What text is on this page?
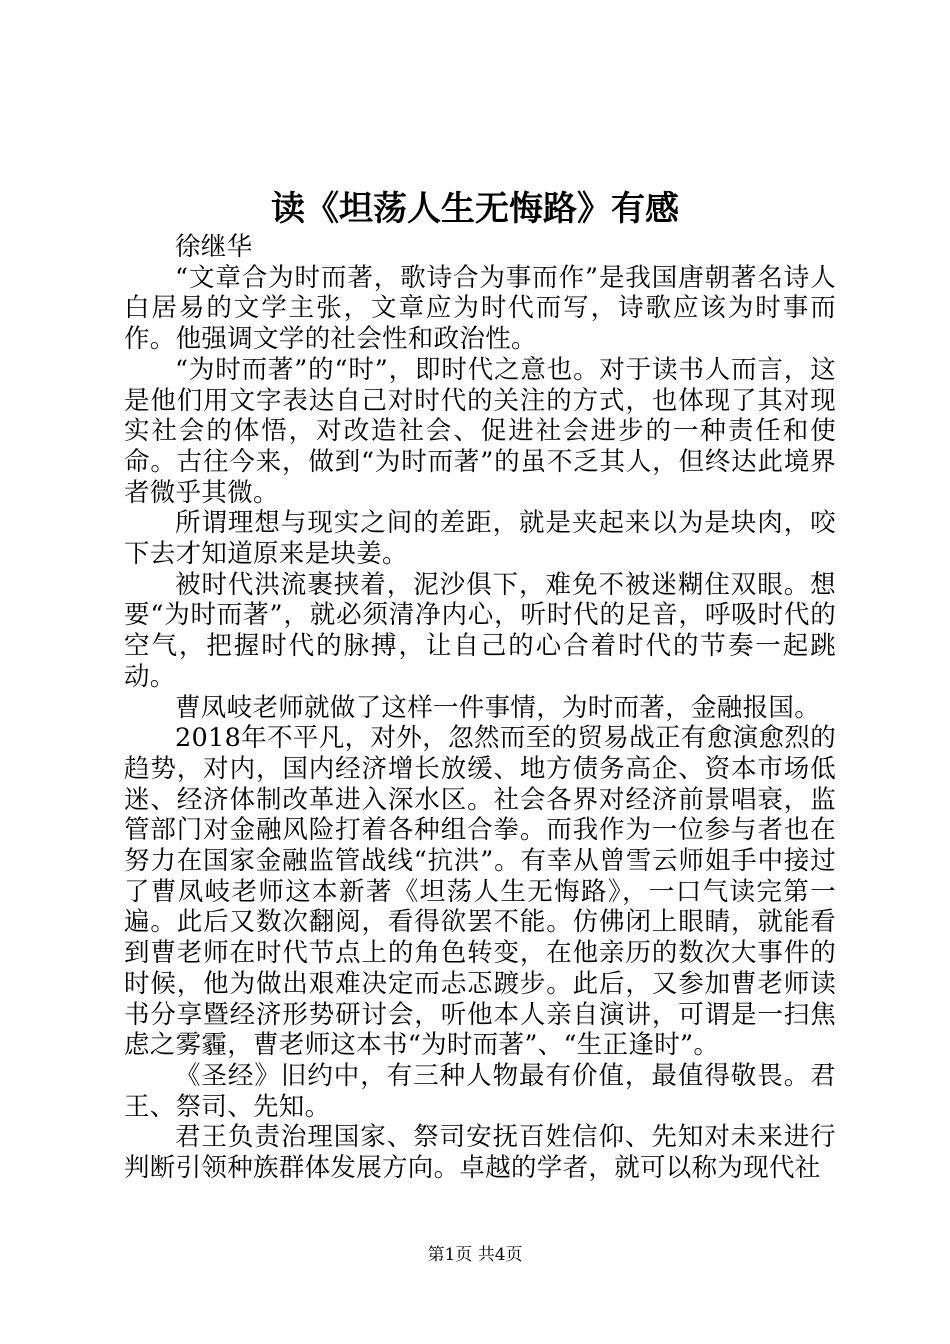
读《坦荡人生无悔路》有感

徐继华

“文章合为时而著，歌诗合为事而作”是我国唐朝著名诗人白居易的文学主张，文章应为时代而写，诗歌应该为时事而作。他强调文学的社会性和政治性。

“为时而著”的“时”，即时代之意也。对于读书人而言，这是他们用文字表达自己对时代的关注的方式，也体现了其对现实社会的体悟，对改造社会、促进社会进步的一种责任和使命。古往今来，做到“为时而著”的虽不乏其人，但终达此境界者微乎其微。

所谓理想与现实之间的差距，就是夹起来以为是块肉，咬下去才知道原来是块姜。

被时代洪流裹挟着，泥沙俱下，难免不被迷糊住双眼。想要“为时而著”，就必须清净内心，听时代的足音，呼吸时代的空气，把握时代的脉搏，让自己的心合着时代的节奏一起跳动。

曹凤岐老师就做了这样一件事情，为时而著，金融报国。

2018年不平凡，对外，忽然而至的贸易战正有愈演愈烈的趋势，对内，国内经济增长放缓、地方债务高企、资本市场低迷、经济体制改革进入深水区。社会各界对经济前景唱衰，监管部门对金融风险打着各种组合拳。而我作为一位参与者也在努力在国家金融监管战线“抗洪”。有幸从曾雪云师姐手中接过了曹凤岐老师这本新著《坦荡人生无悔路》，一口气读完第一遍。此后又数次翻阅，看得欲罢不能。仿佛闭上眼睛，就能看到曹老师在时代节点上的角色转变，在他亲历的数次大事件的时候，他为做出艰难决定而忐忑踱步。此后，又参加曹老师读书分享暨经济形势研讨会，听他本人亲自演讲，可谓是一扫焦虑之雾霾，曹老师这本书“为时而著”、“生正逢时”。

《圣经》旧约中，有三种人物最有价值，最值得敬畏。君王、祭司、先知。

君王负责治理国家、祭司安抚百姓信仰、先知对未来进行判断引领种族群体发展方向。卓越的学者，就可以称为现代社

第1页 共4页
